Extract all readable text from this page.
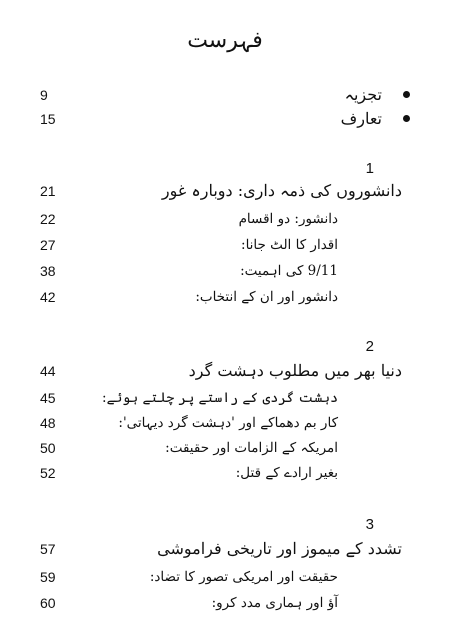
فہرست
تجزیہ
9
تعارف
15
1
دانشوروں کی ذمہ داری: دوبارہ غور
21
دانشور: دو اقسام
22
اقدار کا الٹ جانا:
27
9/11 کی اہمیت:
38
دانشور اور ان کے انتخاب:
42
2
دنیا بھر میں مطلوب دہشت گرد
44
دہشت گردی کے راستے پر چلتے ہوئے:
45
کار بم دھماکے اور 'دہشت گرد دیہاتی':
48
امریکہ کے الزامات اور حقیقت:
50
بغیر ارادے کے قتل:
52
3
تشدد کے میموز اور تاریخی فراموشی
57
حقیقت اور امریکی تصور کا تضاد:
59
آؤ اور ہماری مدد کرو:
60
